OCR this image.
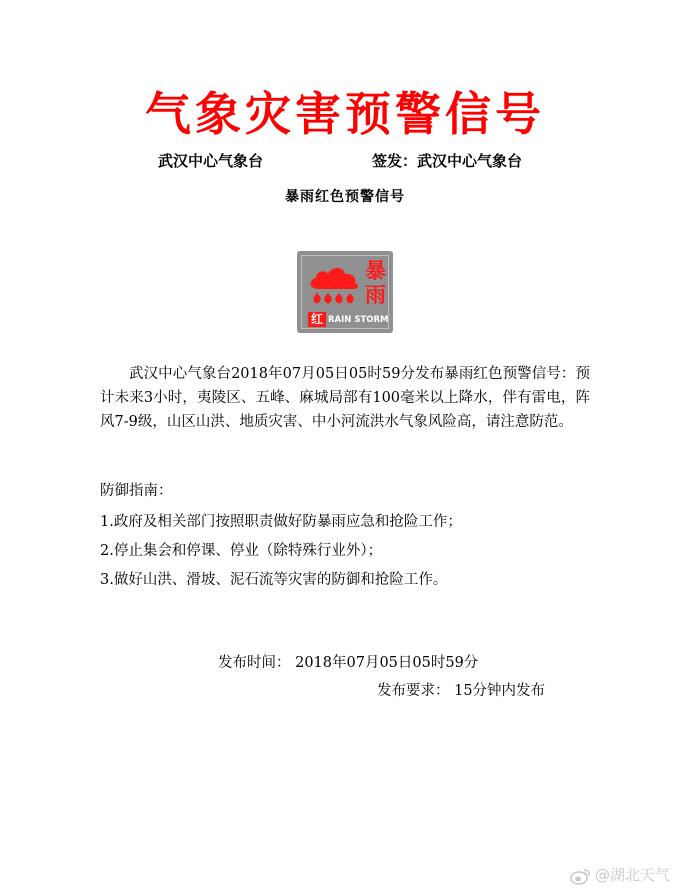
气象灾害预警信号
武汉中心气象台	签发：武汉中心气象台
暴雨红色预警信号
暴
雨
红 RAIN STORM
武汉中心气象台2018年07月05日05时59分发布暴雨红色预警信号：预计未来3小时，夷陵区、五峰、麻城局部有100毫米以上降水，伴有雷电，阵风7-9级，山区山洪、地质灾害、中小河流洪水气象风险高，请注意防范。
防御指南：
1.政府及相关部门按照职责做好防暴雨应急和抢险工作；
2.停止集会和停课、停业（除特殊行业外）；
3.做好山洪、滑坡、泥石流等灾害的防御和抢险工作。
发布时间： 2018年07月05日05时59分
发布要求： 15分钟内发布
@湖北天气
